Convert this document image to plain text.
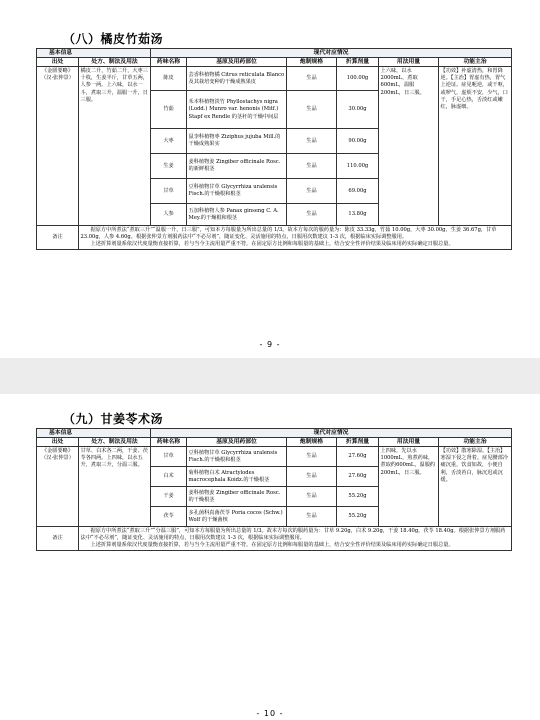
（八）橘皮竹茹汤
基本信息		现代对应情况					
出处	处方、制法及用法	药味名称	基原及用药部位	炮制规格	折算剂量	用法用量	功能主治
《金匮要略》（汉·张仲景）	橘皮二升，竹茹二升，大枣三十枚，生姜半斤，甘草五两，人参一两。上六味，以水一斗，煮取三升，温服一升，日三服。	陈皮	芸香科植物橘 Citrus reticulata Blanco 及其栽培变种的干燥成熟果皮	生品	100.00g	上六味，以水2000mL，煮取600mL，温服200mL，日三服。	【功效】补虚清热，和胃降逆。【主治】胃虚有热，胃气上逆证。症见呃逆，或干呕，或哕气，虚烦不安，少气，口干，手足心热，舌淡红或嫩红，脉虚细。
		竹茹	禾本科植物淡竹 Phyllostachys nigra (Lodd.) Munro var. henonis (Mitf.) Stapf ex Rendle 的茎秆的干燥中间层	生品	30.00g		
		大枣	鼠李科植物枣 Ziziphus jujuba Mill.的干燥成熟果实	生品	90.00g		
		生姜	姜科植物姜 Zingiber officinale Rosc.的新鲜根茎	生品	110.00g		
		甘草	豆科植物甘草 Glycyrrhiza uralensis Fisch.的干燥根和根茎	生品	69.00g		
		人参	五加科植物人参 Panax ginseng C. A. Mey.的干燥根和根茎	生品	13.80g		
备注	据原方中所煮法“煮取三升”“温服一升，日三服”，可知本方每服量为所出总量的 1/3。故本方每次的服药量为：陈皮 33.33g，竹茹 10.00g，大枣 30.00g，生姜 36.67g，甘草 23.00g，人参 4.60g。根据张仲景方剂服药法中“不必尽剂”，随证变化、灵活施用的特点，日服用次数建议 1-3 次，根据临床实际调整服用。

上述折算剂量系依汉代度量衡直接折算，若与当今主流用量严重不符，在固定原方比例和每服量的基础上，结合安全性评价结果及临床用药实际确定日服总量。						

- 9 -
（九）甘姜苓术汤
基本信息		现代对应情况					
出处	处方、制法及用法	药味名称	基原及用药部位	炮制规格	折算剂量	用法用量	功能主治
《金匮要略》（汉·张仲景）	甘草、白术各二两，干姜、茯苓各四两。上四味，以水五升，煮取三升，分温三服。	甘草	豆科植物甘草 Glycyrrhiza uralensis Fisch.的干燥根和根茎	生品	27.60g	上四味，先以水1000mL，煎煮药味，煮取约600mL，温服约200mL，日三服。	【功效】散寒除湿。【主治】寒湿下侵之肾着。症见腰部冷痛沉重，饮食如故，小便自利，舌淡苔白，脉沉迟或沉缓。
		白术	菊科植物白术 Atractylodes macrocephala Koidz.的干燥根茎	生品	27.60g		
		干姜	姜科植物姜 Zingiber officinale Rosc.的干燥根茎	生品	55.20g		
		茯苓	多孔菌科真菌茯苓 Poria cocos (Schw.) Wolf 的干燥菌核	生品	55.20g		
备注	据原方中所煮法“煮取三升”“分温三服”，可知本方每服量为所出总量的 1/3。故本方每次的服药量为：甘草 9.20g，白术 9.20g，干姜 18.40g，茯苓 18.40g。根据张仲景方剂服药法中“不必尽剂”，随证变化、灵活施用的特点，日服用次数建议 1-3 次，根据临床实际调整服用。

上述折算剂量系依汉代度量衡直接折算，若与当今主流用量严重不符，在固定原方比例和每服量的基础上，结合安全性评价结果及临床用药实际确定日服总量。						

- 10 -
